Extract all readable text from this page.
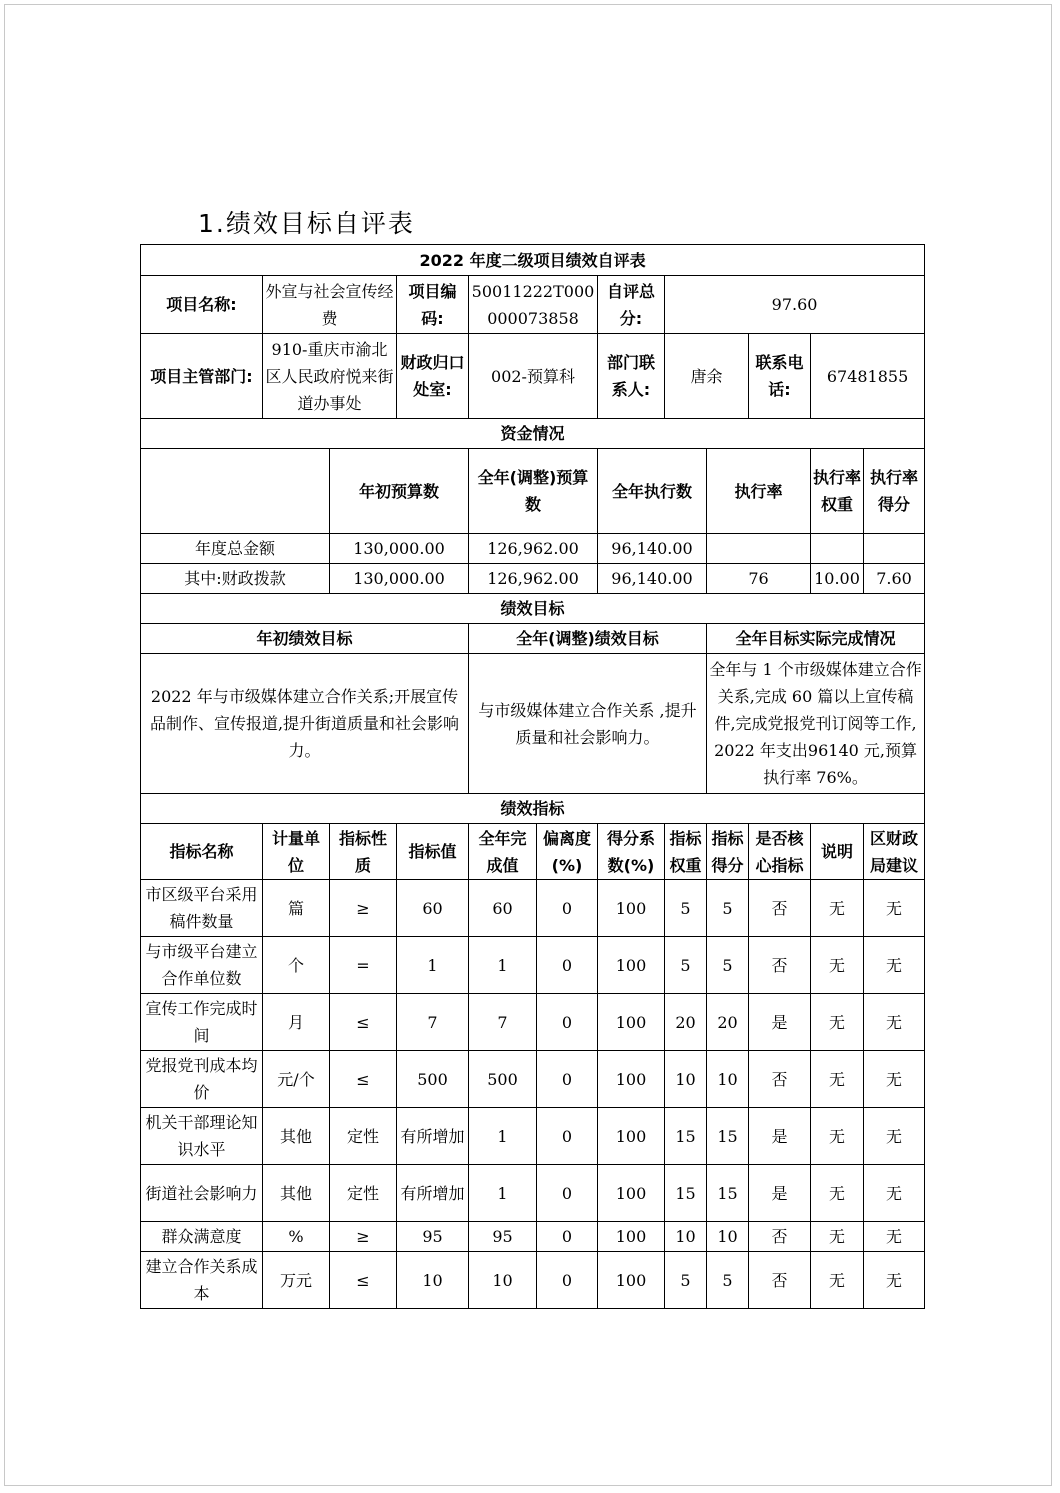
1.绩效目标自评表
2022 年度二级项目绩效自评表											
项目名称:	外宣与社会宣传经费		项目编码:	50011222T000000073858		自评总分:	97.60				
项目主管部门:	910-重庆市渝北区人民政府悦来街道办事处		财政归口处室:	002-预算科		部门联系人:	唐余		联系电话:	67481855	
资金情况											
		年初预算数		全年(调整)预算数		全年执行数		执行率		执行率权重	执行率得分
年度总金额		130,000.00		126,962.00		96,140.00					
其中:财政拨款		130,000.00		126,962.00		96,140.00		76		10.00	7.60
绩效目标											
年初绩效目标				全年(调整)绩效目标				全年目标实际完成情况			
2022 年与市级媒体建立合作关系;开展宣传品制作、宣传报道,提升街道质量和社会影响力。				与市级媒体建立合作关系 ,提升质量和社会影响力。				全年与 1 个市级媒体建立合作关系,完成 60 篇以上宣传稿件,完成党报党刊订阅等工作, 2022 年支出96140 元,预算执行率 76%。			
绩效指标											
指标名称	计量单位	指标性质	指标值	全年完成值	偏离度(%)	得分系数(%)	指标权重	指标得分	是否核心指标	说明	区财政局建议
市区级平台采用稿件数量	篇	≥	60	60	0	100	5	5	否	无	无
与市级平台建立合作单位数	个	=	1	1	0	100	5	5	否	无	无
宣传工作完成时间	月	≤	7	7	0	100	20	20	是	无	无
党报党刊成本均价	元/个	≤	500	500	0	100	10	10	否	无	无
机关干部理论知识水平	其他	定性	有所增加	1	0	100	15	15	是	无	无
街道社会影响力	其他	定性	有所增加	1	0	100	15	15	是	无	无
群众满意度	%	≥	95	95	0	100	10	10	否	无	无
建立合作关系成本	万元	≤	10	10	0	100	5	5	否	无	无
